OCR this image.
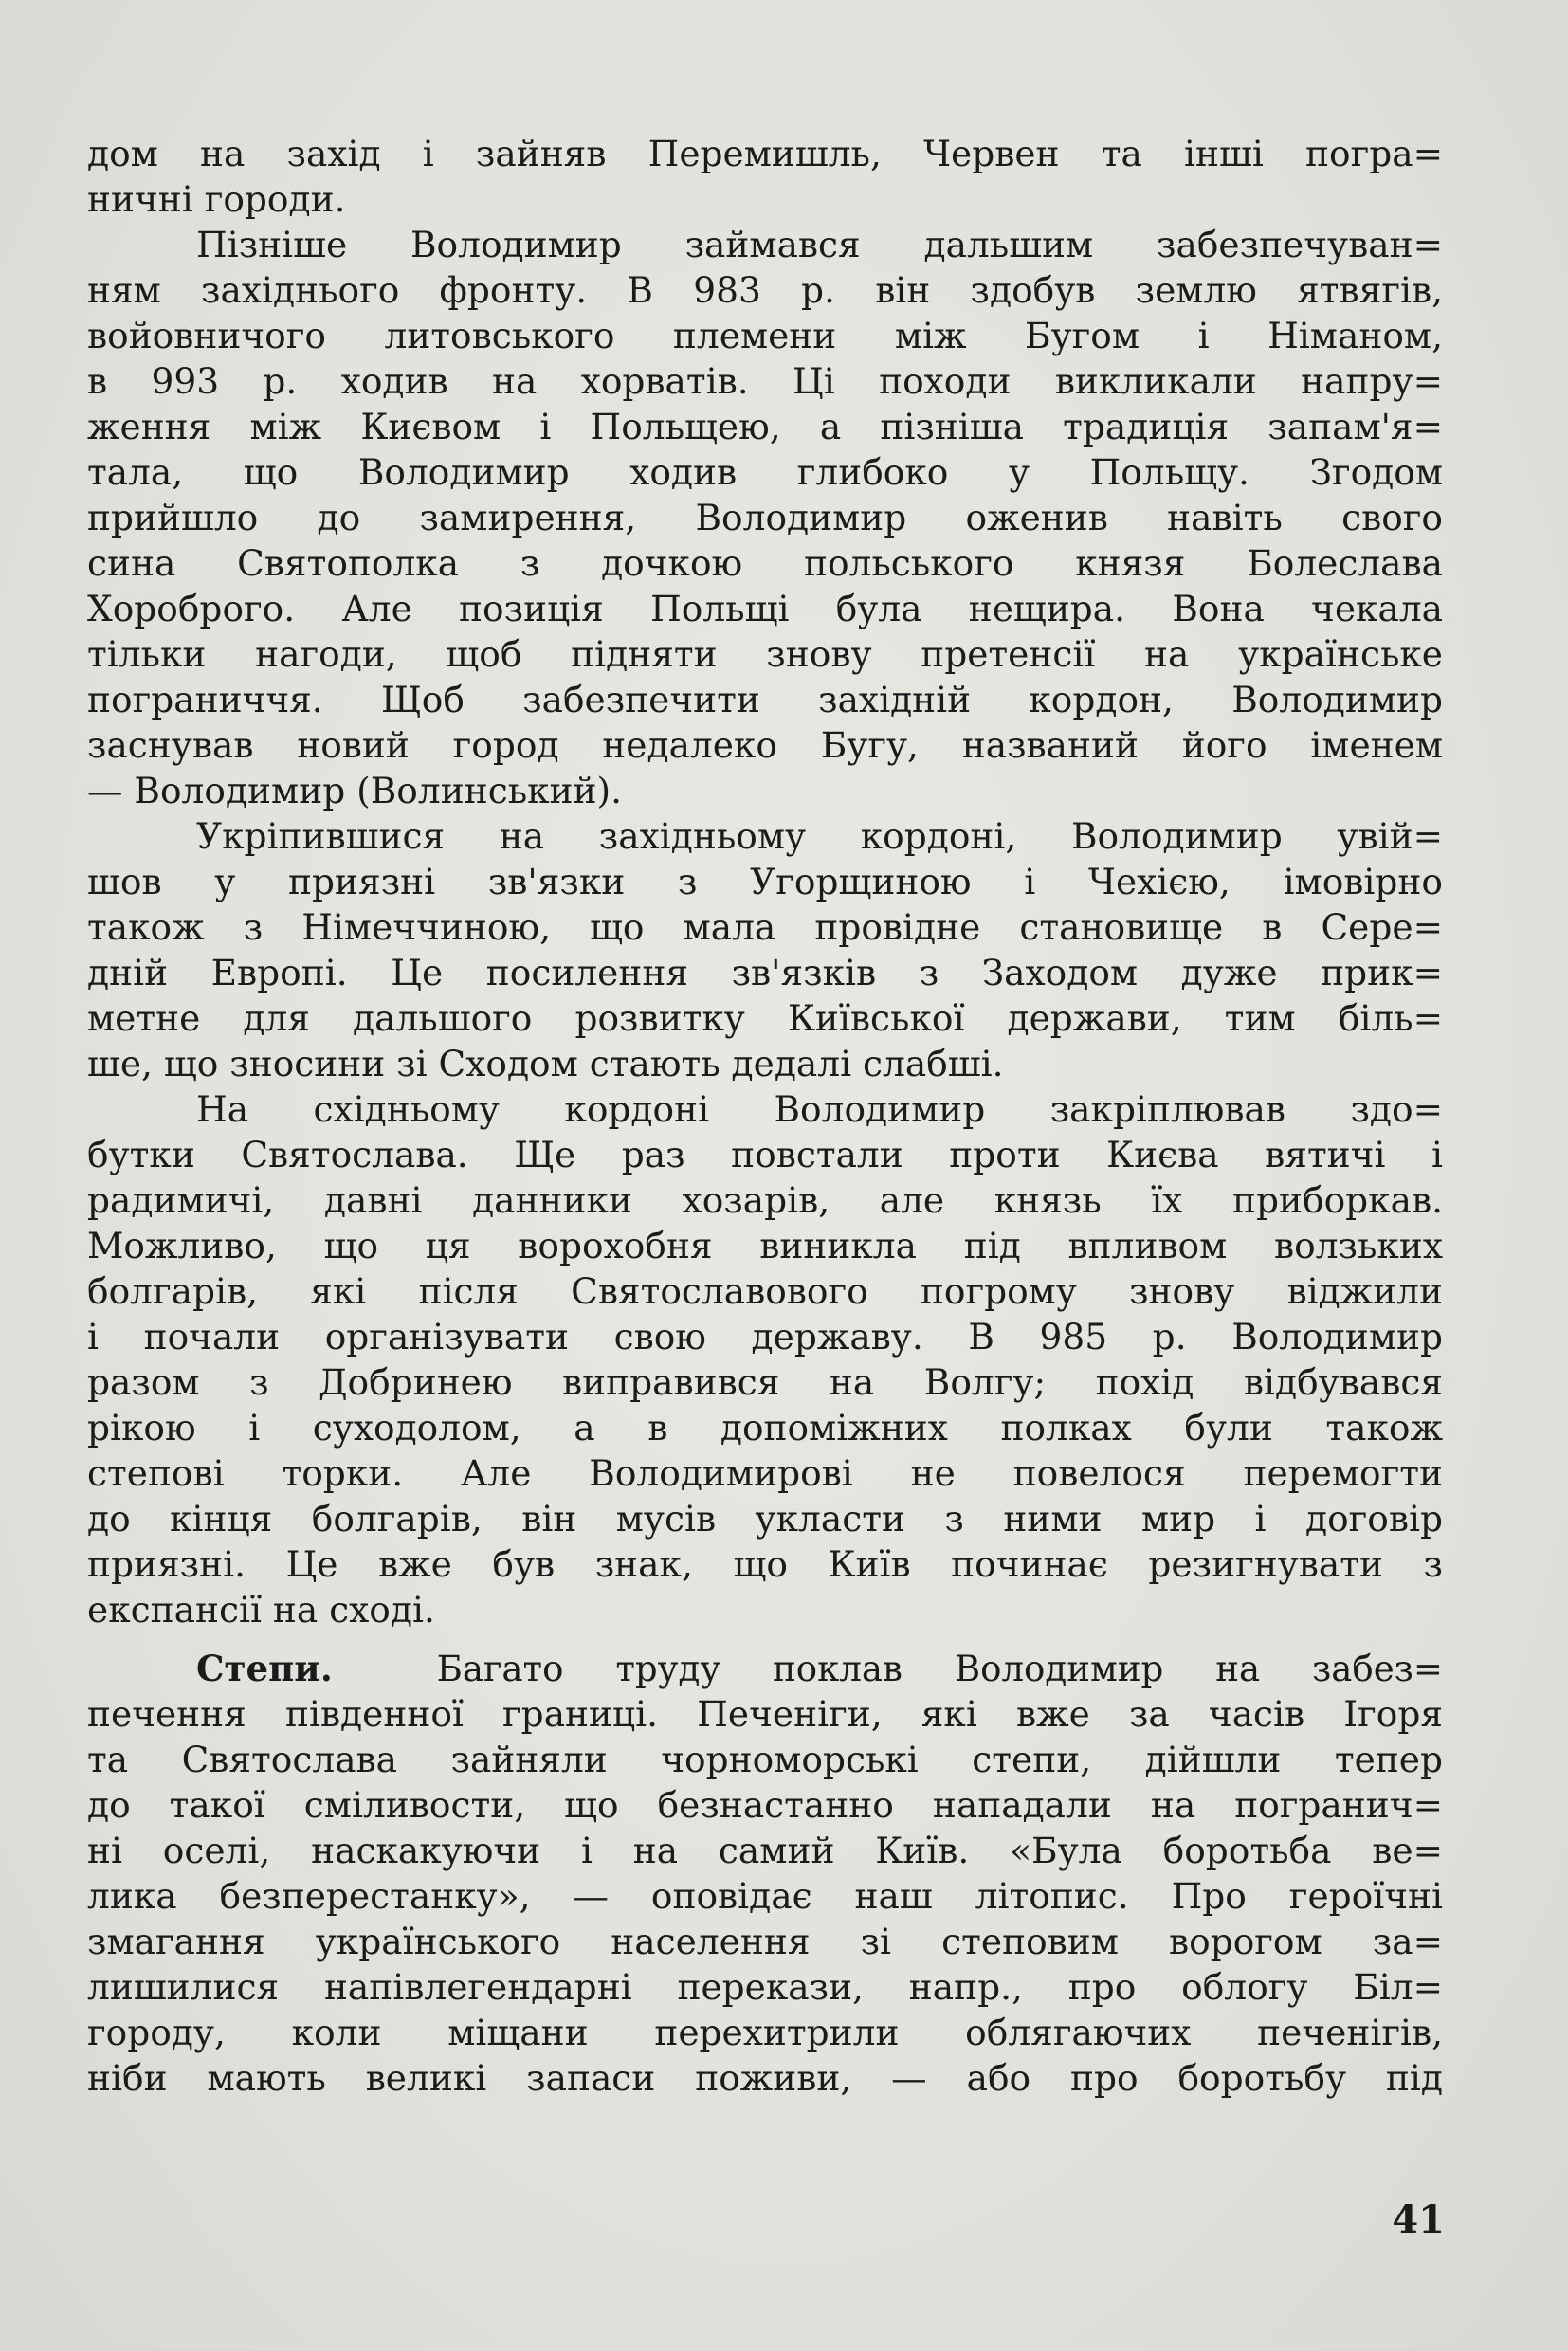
дом на захід і зайняв Перемишль, Червен та інші погра=
ничні городи.

Пізніше Володимир займався дальшим забезпечуван=
ням західнього фронту. В 983 р. він здобув землю ятвягів,
войовничого литовського племени між Бугом і Німаном,
в 993 р. ходив на хорватів. Ці походи викликали напру=
ження між Києвом і Польщею, а пізніша традиція запам'я=
тала, що Володимир ходив глибоко у Польщу. Згодом
прийшло до замирення, Володимир оженив навіть свого
сина Святополка з дочкою польського князя Болеслава
Хороброго. Але позиція Польщі була нещира. Вона чекала
тільки нагоди, щоб підняти знову претенсії на українське
пограниччя. Щоб забезпечити західній кордон, Володимир
заснував новий город недалеко Бугу, названий його іменем
— Володимир (Волинський).

Укріпившися на західньому кордоні, Володимир увій=
шов у приязні зв'язки з Угорщиною і Чехією, імовірно
також з Німеччиною, що мала провідне становище в Сере=
дній Европі. Це посилення зв'язків з Заходом дуже прик=
метне для дальшого розвитку Київської держави, тим біль=
ше, що зносини зі Сходом стають дедалі слабші.

На східньому кордоні Володимир закріплював здо=
бутки Святослава. Ще раз повстали проти Києва вятичі і
радимичі, давні данники хозарів, але князь їх приборкав.
Можливо, що ця ворохобня виникла під впливом волзьких
болгарів, які після Святославового погрому знову віджили
і почали організувати свою державу. В 985 р. Володимир
разом з Добринею виправився на Волгу; похід відбувався
рікою і суходолом, а в допоміжних полках були також
степові торки. Але Володимирові не повелося перемогти
до кінця болгарів, він мусів укласти з ними мир і договір
приязні. Це вже був знак, що Київ починає резигнувати з
експансії на сході.

Степи.	Багато труду поклав Володимир на забез=
печення південної границі. Печеніги, які вже за часів Ігоря
та Святослава зайняли чорноморські степи, дійшли тепер
до такої сміливости, що безнастанно нападали на погранич=
ні оселі, наскакуючи і на самий Київ. «Була боротьба ве=
лика безперестанку», — оповідає наш літопис. Про героїчні
змагання українського населення зі степовим ворогом за=
лишилися напівлегендарні перекази, напр., про облогу Біл=
городу, коли міщани перехитрили облягаючих печенігів,
ніби мають великі запаси поживи, — або про боротьбу під

41
